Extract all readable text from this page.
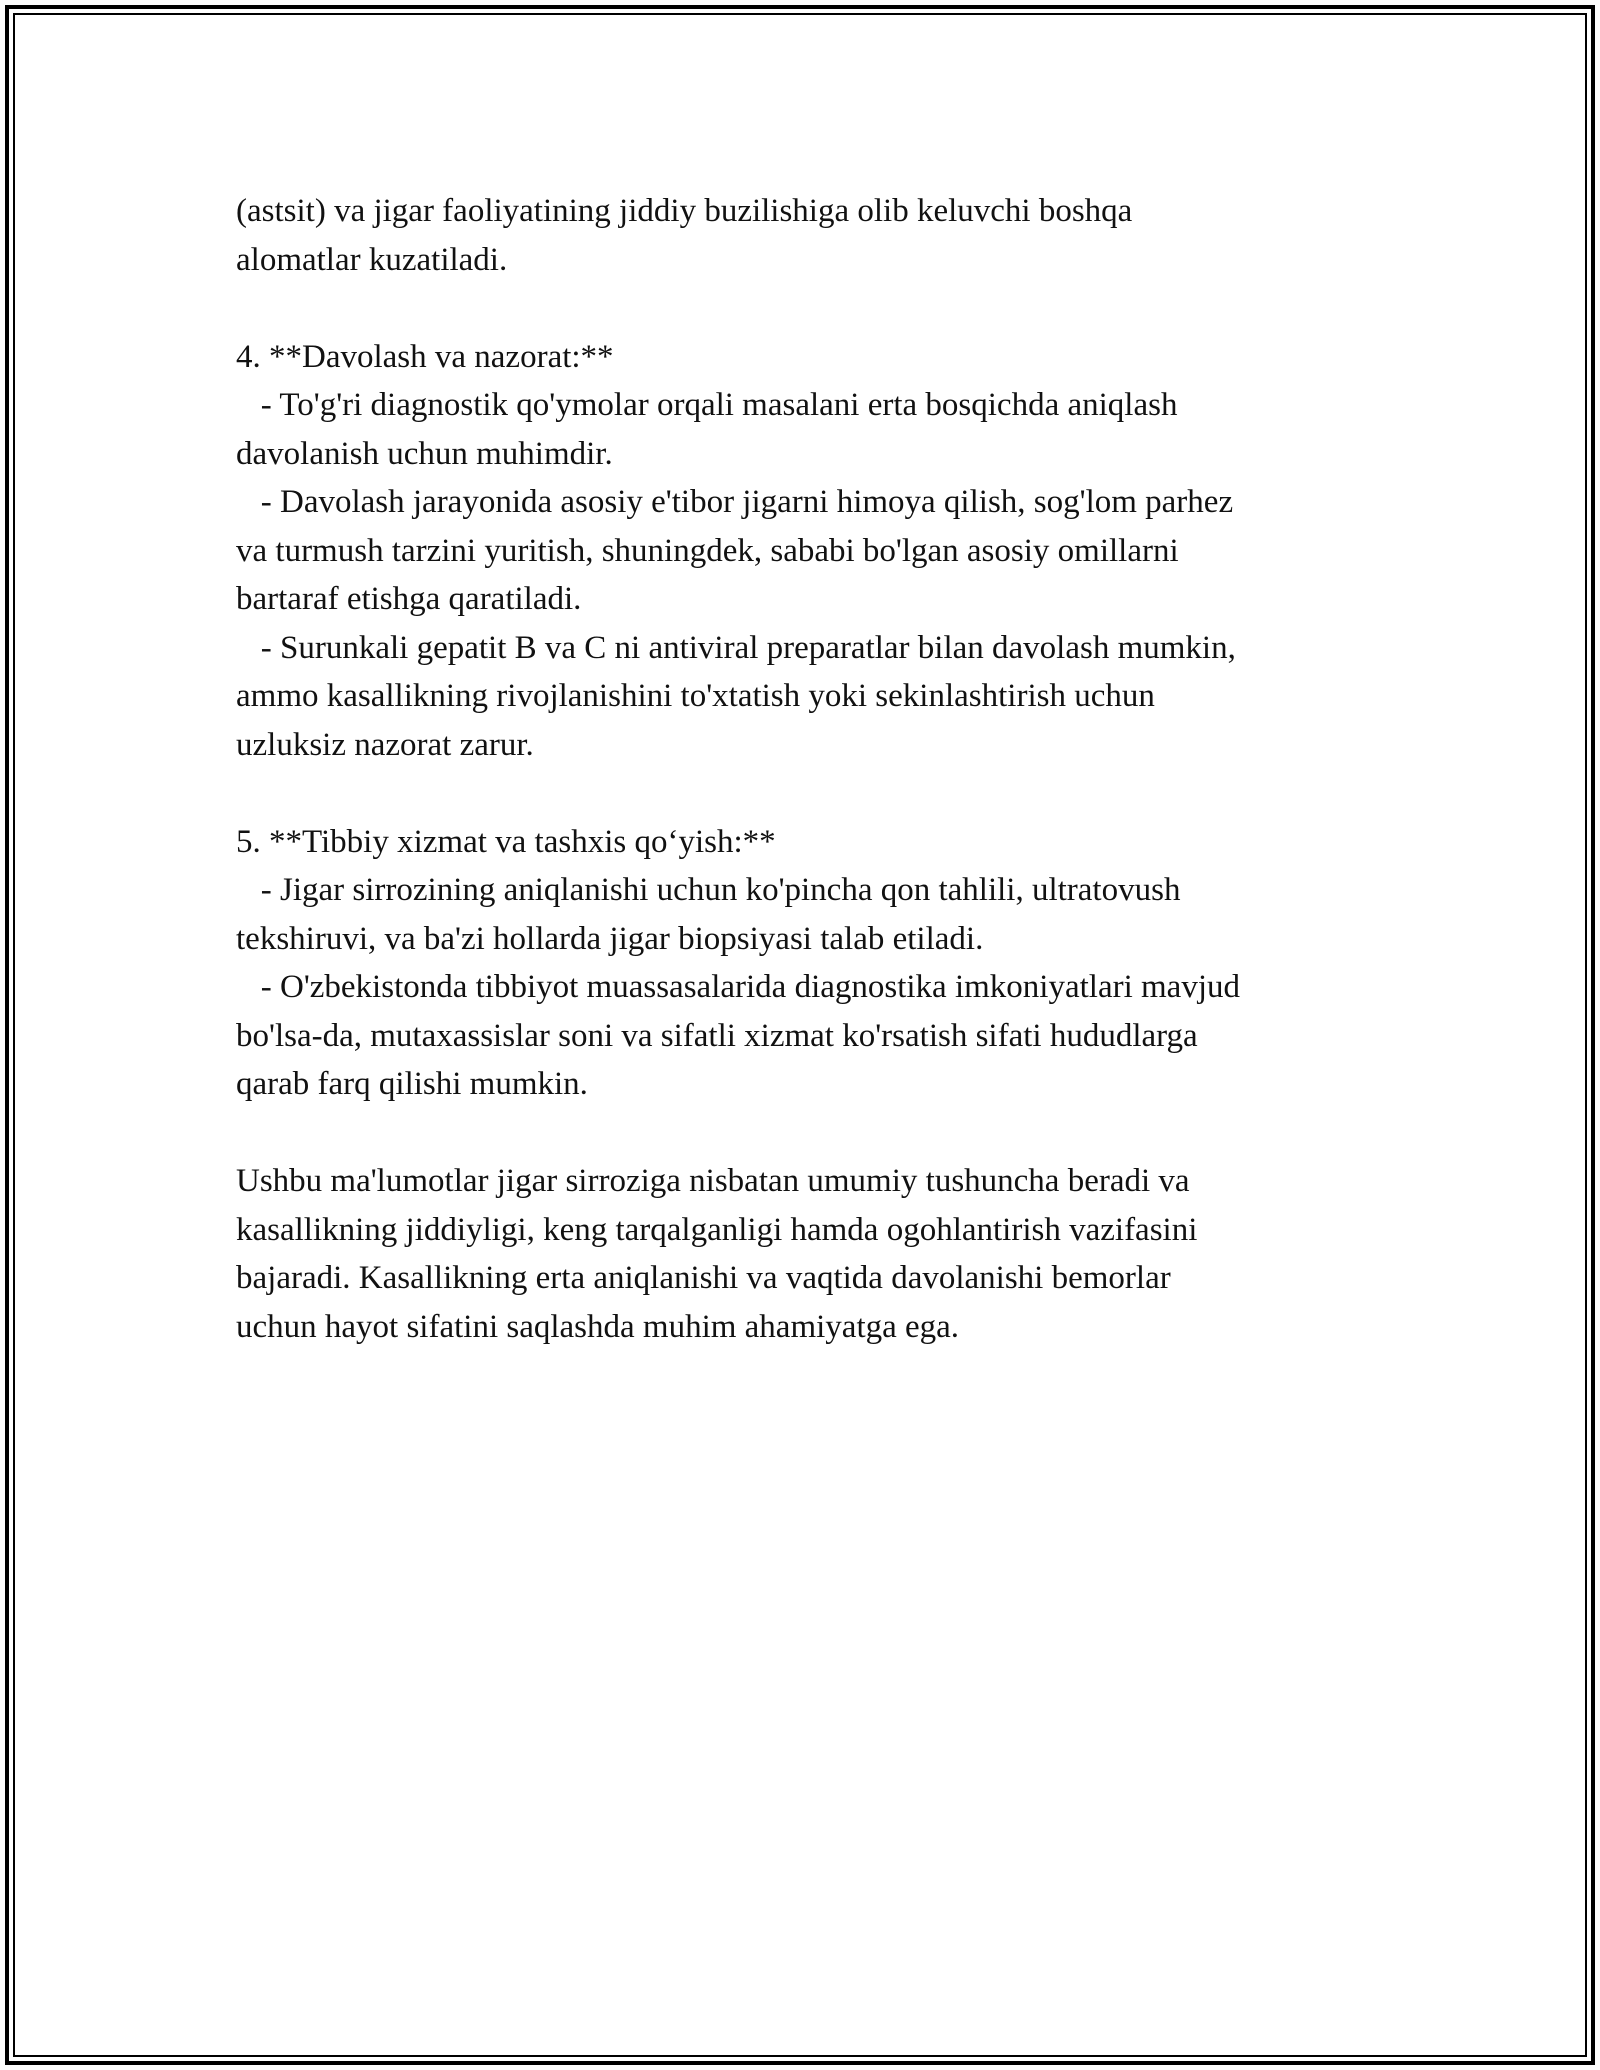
(astsit) va jigar faoliyatining jiddiy buzilishiga olib keluvchi boshqa
alomatlar kuzatiladi.
4. **Davolash va nazorat:**
- To'g'ri diagnostik qo'ymolar orqali masalani erta bosqichda aniqlash
davolanish uchun muhimdir.
- Davolash jarayonida asosiy e'tibor jigarni himoya qilish, sog'lom parhez
va turmush tarzini yuritish, shuningdek, sababi bo'lgan asosiy omillarni
bartaraf etishga qaratiladi.
- Surunkali gepatit B va C ni antiviral preparatlar bilan davolash mumkin,
ammo kasallikning rivojlanishini to'xtatish yoki sekinlashtirish uchun
uzluksiz nazorat zarur.
5. **Tibbiy xizmat va tashxis qo‘yish:**
- Jigar sirrozining aniqlanishi uchun ko'pincha qon tahlili, ultratovush
tekshiruvi, va ba'zi hollarda jigar biopsiyasi talab etiladi.
- O'zbekistonda tibbiyot muassasalarida diagnostika imkoniyatlari mavjud
bo'lsa-da, mutaxassislar soni va sifatli xizmat ko'rsatish sifati hududlarga
qarab farq qilishi mumkin.
Ushbu ma'lumotlar jigar sirroziga nisbatan umumiy tushuncha beradi va
kasallikning jiddiyligi, keng tarqalganligi hamda ogohlantirish vazifasini
bajaradi. Kasallikning erta aniqlanishi va vaqtida davolanishi bemorlar
uchun hayot sifatini saqlashda muhim ahamiyatga ega.
